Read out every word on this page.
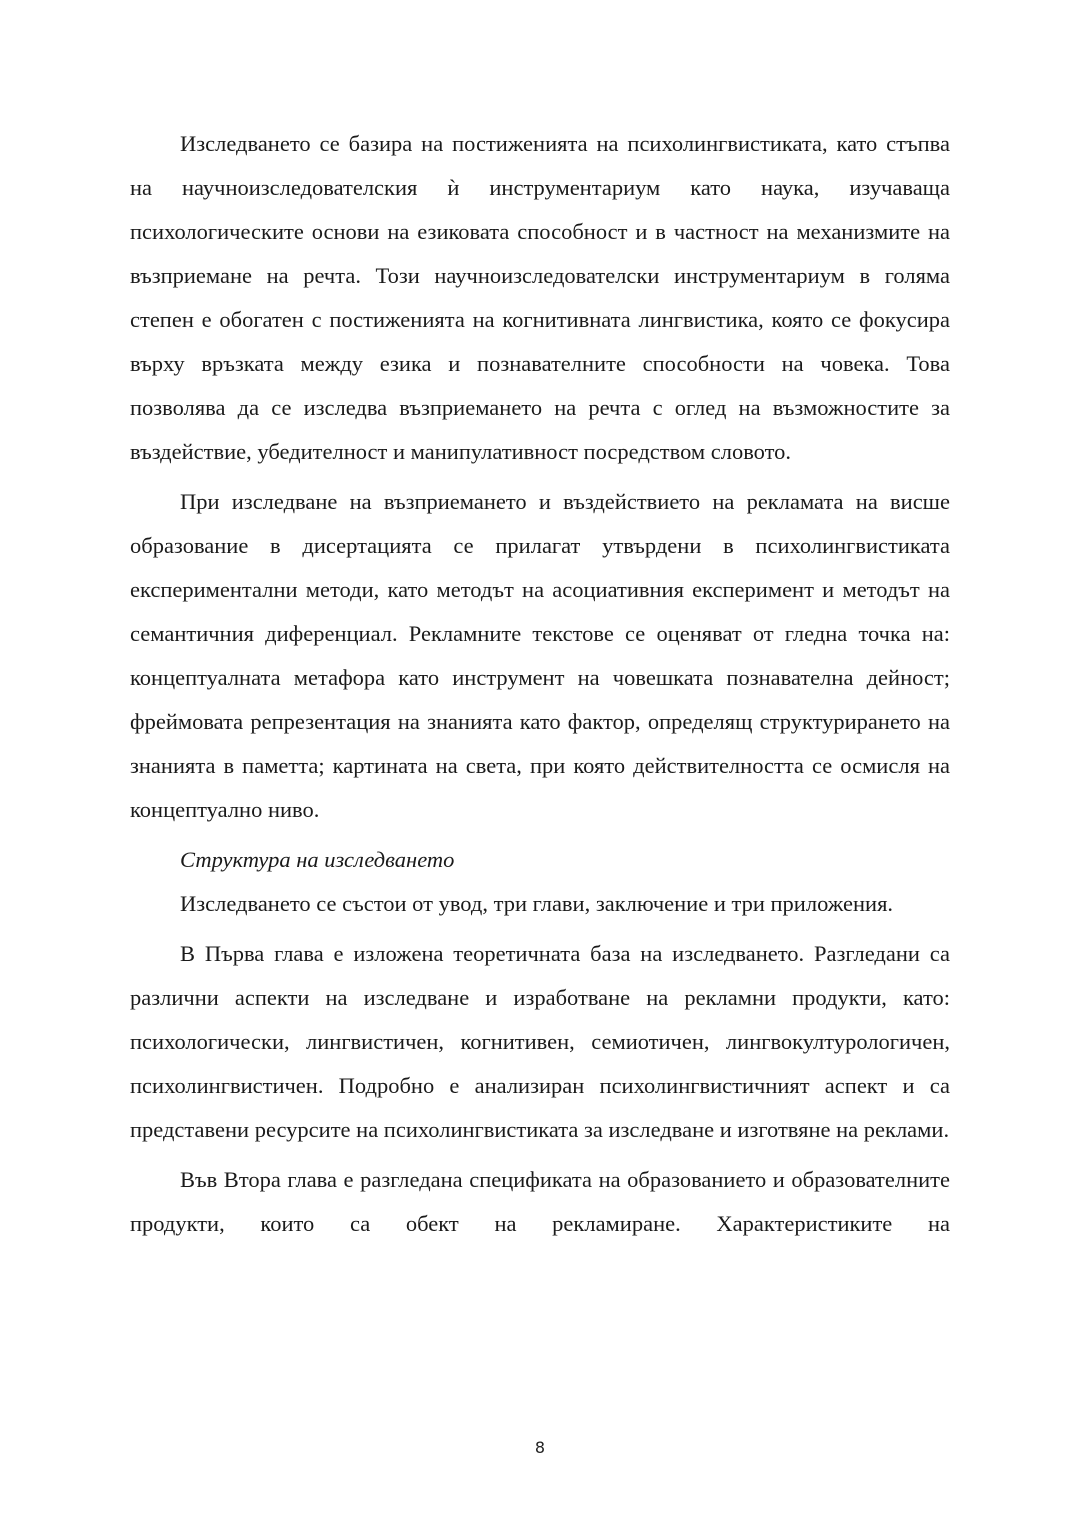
Изследването се базира на постиженията на психолингвистиката, като стъпва на научноизследователския ѝ инструментариум като наука, изучаваща психологическите основи на езиковата способност и в частност на механизмите на възприемане на речта. Този научноизследователски инструментариум в голяма степен е обогатен с постиженията на когнитивната лингвистика, която се фокусира върху връзката между езика и познавателните способности на човека. Това позволява да се изследва възприемането на речта с оглед на възможностите за въздействие, убедителност и манипулативност посредством словото.

При изследване на възприемането и въздействието на рекламата на висше образование в дисертацията се прилагат утвърдени в психолингвистиката експериментални методи, като методът на асоциативния експеримент и методът на семантичния диференциал. Рекламните текстове се оценяват от гледна точка на: концептуалната метафора като инструмент на човешката познавателна дейност; фреймовата репрезентация на знанията като фактор, определящ структурирането на знанията в паметта; картината на света, при която действителността се осмисля на концептуално ниво.

Структура на изследването

Изследването се състои от увод, три глави, заключение и три приложения.

В Първа глава е изложена теоретичната база на изследването. Разгледани са различни аспекти на изследване и изработване на рекламни продукти, като: психологически, лингвистичен, когнитивен, семиотичен, лингвокултурологичен, психолингвистичен. Подробно е анализиран психолингвистичният аспект и са представени ресурсите на психолингвистиката за изследване и изготвяне на реклами.

Във Втора глава е разгледана спецификата на образованието и образователните продукти, които са обект на рекламиране. Характеристиките на

8
